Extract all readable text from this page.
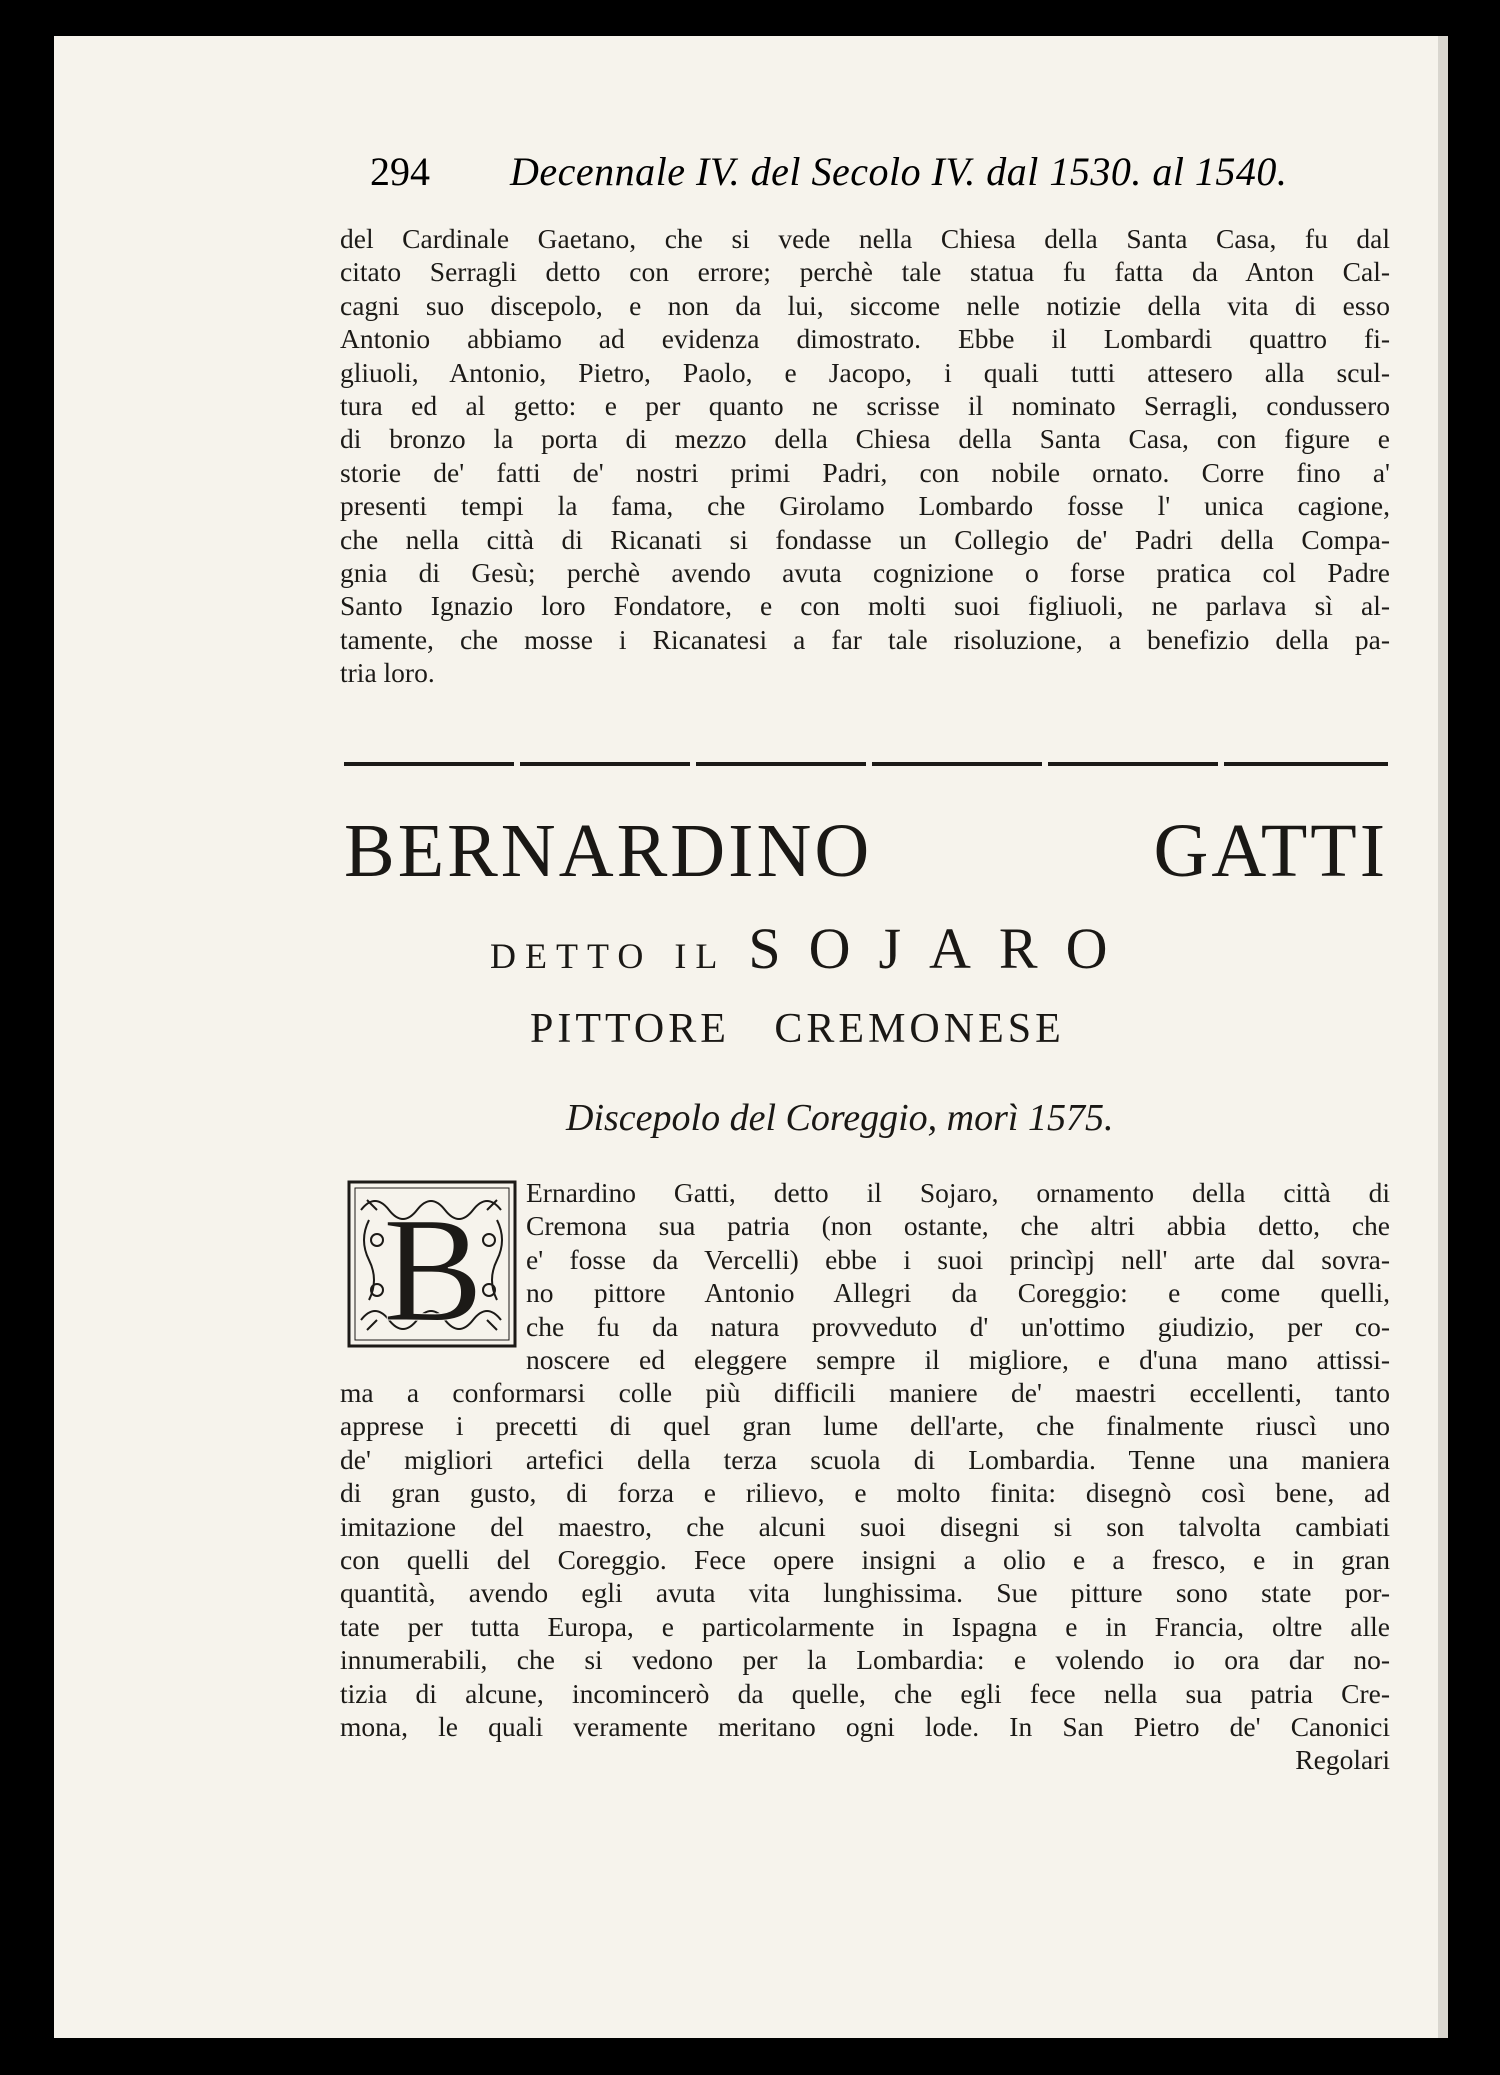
294 Decennale IV. del Secolo IV. dal 1530. al 1540.
del Cardinale Gaetano, che si vede nella Chiesa della Santa Casa, fu dal
citato Serragli detto con errore; perchè tale statua fu fatta da Anton Cal-
cagni suo discepolo, e non da lui, siccome nelle notizie della vita di esso
Antonio abbiamo ad evidenza dimostrato. Ebbe il Lombardi quattro fi-
gliuoli, Antonio, Pietro, Paolo, e Jacopo, i quali tutti attesero alla scul-
tura ed al getto: e per quanto ne scrisse il nominato Serragli, condussero
di bronzo la porta di mezzo della Chiesa della Santa Casa, con figure e
storie de' fatti de' nostri primi Padri, con nobile ornato. Corre fino a'
presenti tempi la fama, che Girolamo Lombardo fosse l' unica cagione,
che nella città di Ricanati si fondasse un Collegio de' Padri della Compa-
gnia di Gesù; perchè avendo avuta cognizione o forse pratica col Padre
Santo Ignazio loro Fondatore, e con molti suoi figliuoli, ne parlava sì al-
tamente, che mosse i Ricanatesi a far tale risoluzione, a benefizio della pa-
tria loro.
BERNARDINO GATTI
DETTO IL SOJARO
PITTORE CREMONESE
Discepolo del Coreggio, morì 1575.
B Ernardino Gatti, detto il Sojaro, ornamento della città di
Cremona sua patria (non ostante, che altri abbia detto, che
e' fosse da Vercelli) ebbe i suoi princìpj nell' arte dal sovra-
no pittore Antonio Allegri da Coreggio: e come quelli,
che fu da natura provveduto d' un'ottimo giudizio, per co-
noscere ed eleggere sempre il migliore, e d'una mano attissi-
ma a conformarsi colle più difficili maniere de' maestri eccellenti, tanto
apprese i precetti di quel gran lume dell'arte, che finalmente riuscì uno
de' migliori artefici della terza scuola di Lombardia. Tenne una maniera
di gran gusto, di forza e rilievo, e molto finita: disegnò così bene, ad
imitazione del maestro, che alcuni suoi disegni si son talvolta cambiati
con quelli del Coreggio. Fece opere insigni a olio e a fresco, e in gran
quantità, avendo egli avuta vita lunghissima. Sue pitture sono state por-
tate per tutta Europa, e particolarmente in Ispagna e in Francia, oltre alle
innumerabili, che si vedono per la Lombardia: e volendo io ora dar no-
tizia di alcune, incomincerò da quelle, che egli fece nella sua patria Cre-
mona, le quali veramente meritano ogni lode. In San Pietro de' Canonici
Regolari
